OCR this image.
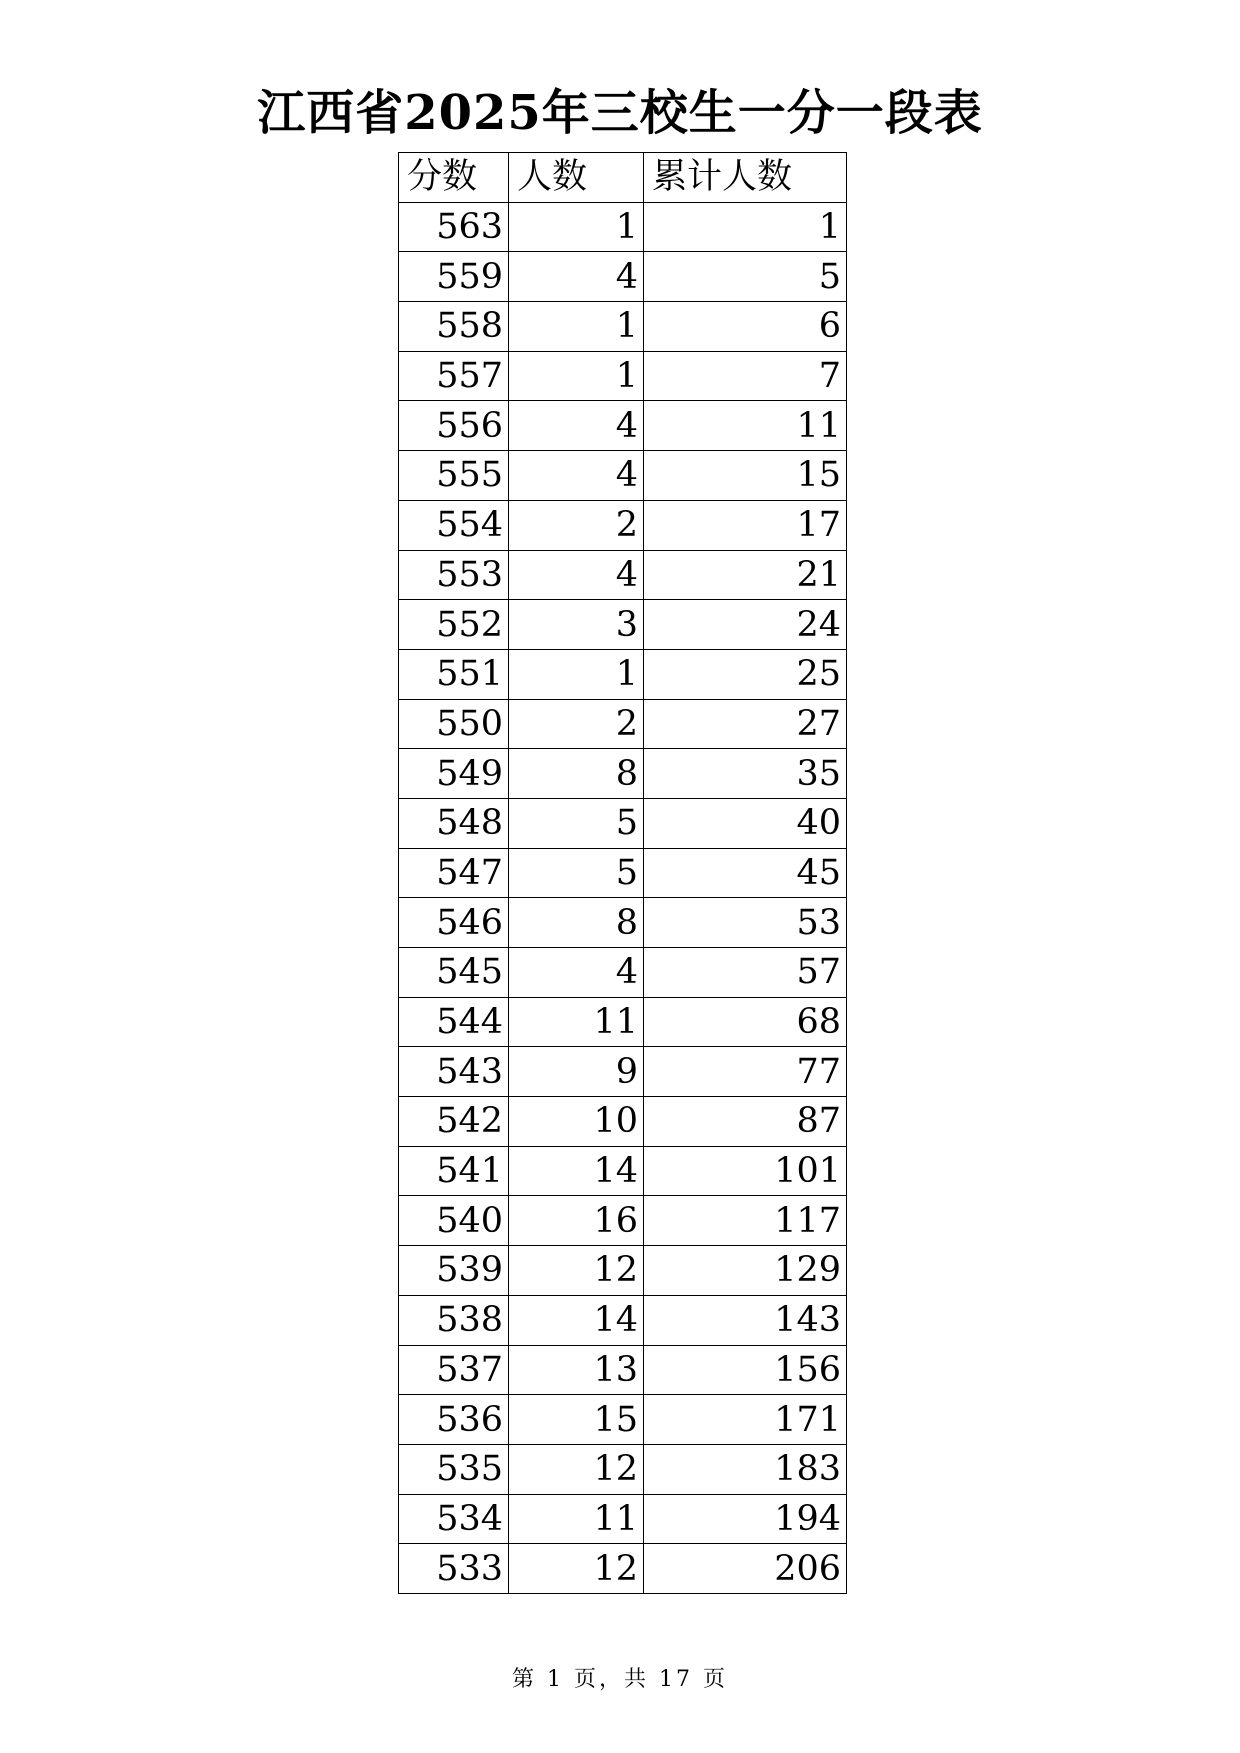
江西省2025年三校生一分一段表
分数	人数	累计人数
563	1	1
559	4	5
558	1	6
557	1	7
556	4	11
555	4	15
554	2	17
553	4	21
552	3	24
551	1	25
550	2	27
549	8	35
548	5	40
547	5	45
546	8	53
545	4	57
544	11	68
543	9	77
542	10	87
541	14	101
540	16	117
539	12	129
538	14	143
537	13	156
536	15	171
535	12	183
534	11	194
533	12	206
第 1 页，共 17 页
